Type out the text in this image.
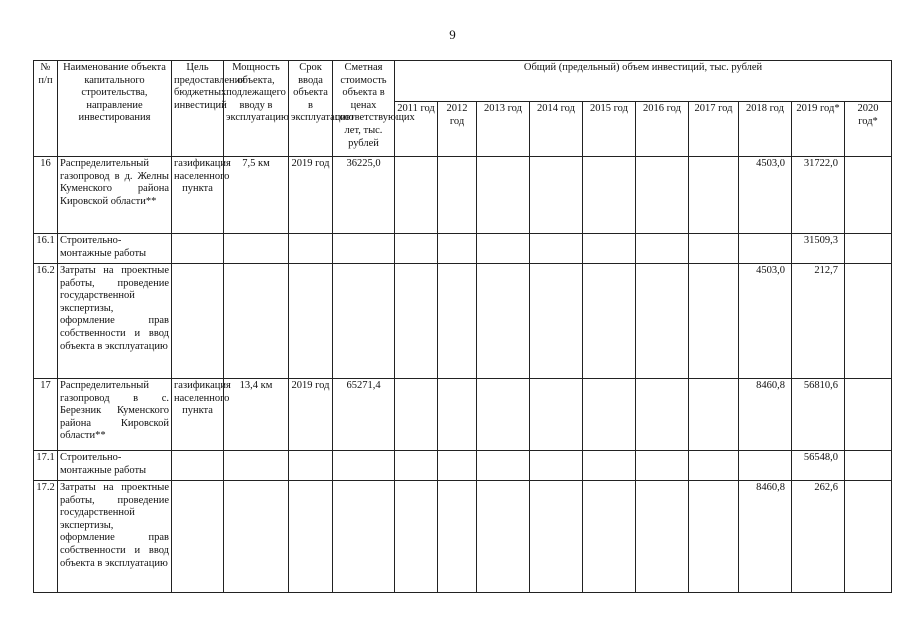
9
№ п/п	Наименование объекта капитального строительства, направление инвестирования	Цель предоставления бюджетных инвестиций	Мощность объекта, подлежащего вводу в эксплуатацию	Срок ввода объекта в эксплуатацию	Сметная стоимость объекта в ценах соответствующих лет, тыс. рублей	Общий (предельный) объем инвестиций, тыс. рублей									
						2011 год	2012 год	2013 год	2014 год	2015 год	2016 год	2017 год	2018 год	2019 год*	2020 год*
16	Распределительный газопровод в д. Желны Куменского района Кировской области**	газификация населенного пункта	7,5 км	2019 год	36225,0								4503,0	31722,0	
16.1	Строительно-монтажные работы													31509,3	
16.2	Затраты на проектные работы, проведение государственной экспертизы, оформление прав собственности и ввод объекта в эксплуатацию												4503,0	212,7	
17	Распределительный газопровод в с. Березник Куменского района Кировской области**	газификация населенного пункта	13,4 км	2019 год	65271,4								8460,8	56810,6	
17.1	Строительно-монтажные работы													56548,0	
17.2	Затраты на проектные работы, проведение государственной экспертизы, оформление прав собственности и ввод объекта в эксплуатацию												8460,8	262,6	
